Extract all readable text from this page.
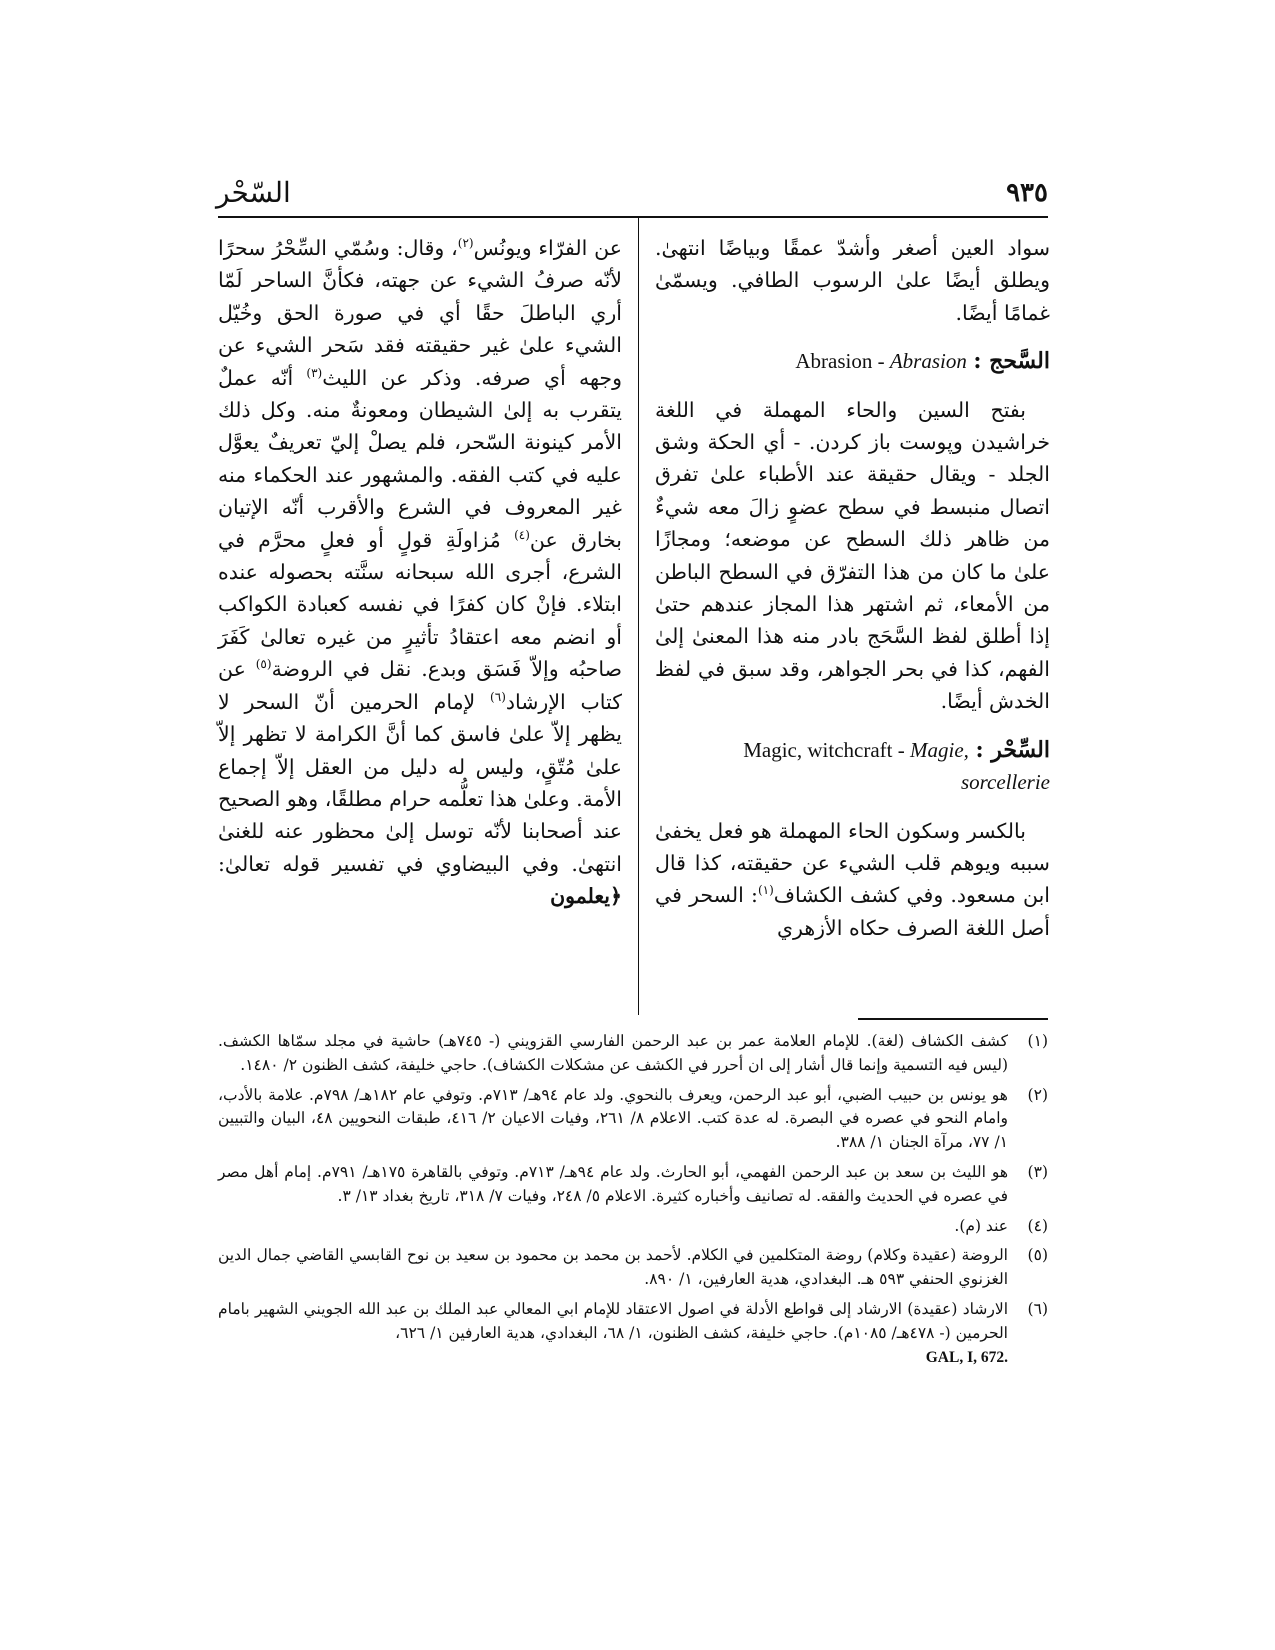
٩٣٥
السّحْر

سواد العين أصغر وأشدّ عمقًا وبياضًا انتهىٰ. ويطلق أيضًا علىٰ الرسوب الطافي. ويسمّىٰ غمامًا أيضًا.

السَّحج : Abrasion - Abrasion

بفتح السين والحاء المهملة في اللغة خراشيدن وپوست باز كردن. - أي الحكة وشق الجلد - ويقال حقيقة عند الأطباء علىٰ تفرق اتصال منبسط في سطح عضوٍ زالَ معه شيءٌ من ظاهر ذلك السطح عن موضعه؛ ومجازًا علىٰ ما كان من هذا التفرّق في السطح الباطن من الأمعاء، ثم اشتهر هذا المجاز عندهم حتىٰ إذا أطلق لفظ السَّحَج بادر منه هذا المعنىٰ إلىٰ الفهم، كذا في بحر الجواهر، وقد سبق في لفظ الخدش أيضًا.

السِّحْر : Magic, witchcraft - Magie,
sorcellerie

بالكسر وسكون الحاء المهملة هو فعل يخفىٰ سببه ويوهم قلب الشيء عن حقيقته، كذا قال ابن مسعود. وفي كشف الكشاف$^{(١)}$: السحر في أصل اللغة الصرف حكاه الأزهري

عن الفرّاء ويونُس$^{(٢)}$، وقال: وسُمّي السِّحْرُ سحرًا لأنّه صرفُ الشيء عن جهته، فكأنَّ الساحر لَمّا أري الباطلَ حقًا أي في صورة الحق وخُيّل الشيء علىٰ غير حقيقته فقد سَحر الشيء عن وجهه أي صرفه. وذكر عن الليث$^{(٣)}$ أنّه عملٌ يتقرب به إلىٰ الشيطان ومعونةٌ منه. وكل ذلك الأمر كينونة السّحر، فلم يصلْ إليّ تعريفٌ يعوَّل عليه في كتب الفقه. والمشهور عند الحكماء منه غير المعروف في الشرع والأقرب أنّه الإتيان بخارق عن$^{(٤)}$ مُزاولَةِ قولٍ أو فعلٍ محرَّم في الشرع، أجرى الله سبحانه سنَّته بحصوله عنده ابتلاء. فإنْ كان كفرًا في نفسه كعبادة الكواكب أو انضم معه اعتقادُ تأثيرٍ من غيره تعالىٰ كَفَرَ صاحبُه وإلاّ فَسَق وبدع. نقل في الروضة$^{(٥)}$ عن كتاب الإرشاد$^{(٦)}$ لإمام الحرمين أنّ السحر لا يظهر إلاّ علىٰ فاسق كما أنَّ الكرامة لا تظهر إلاّ علىٰ مُتّقٍ، وليس له دليل من العقل إلاّ إجماع الأمة. وعلىٰ هذا تعلُّمه حرام مطلقًا، وهو الصحيح عند أصحابنا لأنّه توسل إلىٰ محظور عنه للغنىٰ انتهىٰ. وفي البيضاوي في تفسير قوله تعالىٰ: ﴿يعلمون

(١)
كشف الكشاف (لغة). للإمام العلامة عمر بن عبد الرحمن الفارسي القزويني (- ٧٤٥هـ) حاشية في مجلد سمّاها الكشف. (ليس فيه التسمية وإنما قال أشار إلى ان أحرر في الكشف عن مشكلات الكشاف). حاجي خليفة، كشف الظنون ٢/ ١٤٨٠.
(٢)
هو يونس بن حبيب الضبي، أبو عبد الرحمن، ويعرف بالنحوي. ولد عام ٩٤هـ/ ٧١٣م. وتوفي عام ١٨٢هـ/ ٧٩٨م. علامة بالأدب، وامام النحو في عصره في البصرة. له عدة كتب. الاعلام ٨/ ٢٦١، وفيات الاعيان ٢/ ٤١٦، طبقات النحويين ٤٨، البيان والتبيين ١/ ٧٧، مرآة الجنان ١/ ٣٨٨.
(٣)
هو الليث بن سعد بن عبد الرحمن الفهمي، أبو الحارث. ولد عام ٩٤هـ/ ٧١٣م. وتوفي بالقاهرة ١٧٥هـ/ ٧٩١م. إمام أهل مصر في عصره في الحديث والفقه. له تصانيف وأخباره كثيرة. الاعلام ٥/ ٢٤٨، وفيات ٧/ ٣١٨، تاريخ بغداد ١٣/ ٣.
(٤)
عند (م).
(٥)
الروضة (عقيدة وكلام) روضة المتكلمين في الكلام. لأحمد بن محمد بن محمود بن سعيد بن نوح القابسي القاضي جمال الدين الغزنوي الحنفي ٥٩٣ هـ. البغدادي، هدية العارفين، ١/ ٨٩٠.
(٦)
الارشاد (عقيدة) الارشاد إلى قواطع الأدلة في اصول الاعتقاد للإمام ابي المعالي عبد الملك بن عبد الله الجويني الشهير بامام الحرمين (- ٤٧٨هـ/ ١٠٨٥م). حاجي خليفة، كشف الظنون، ١/ ٦٨، البغدادي، هدية العارفين ١/ ٦٢٦،
GAL, I, 672.
